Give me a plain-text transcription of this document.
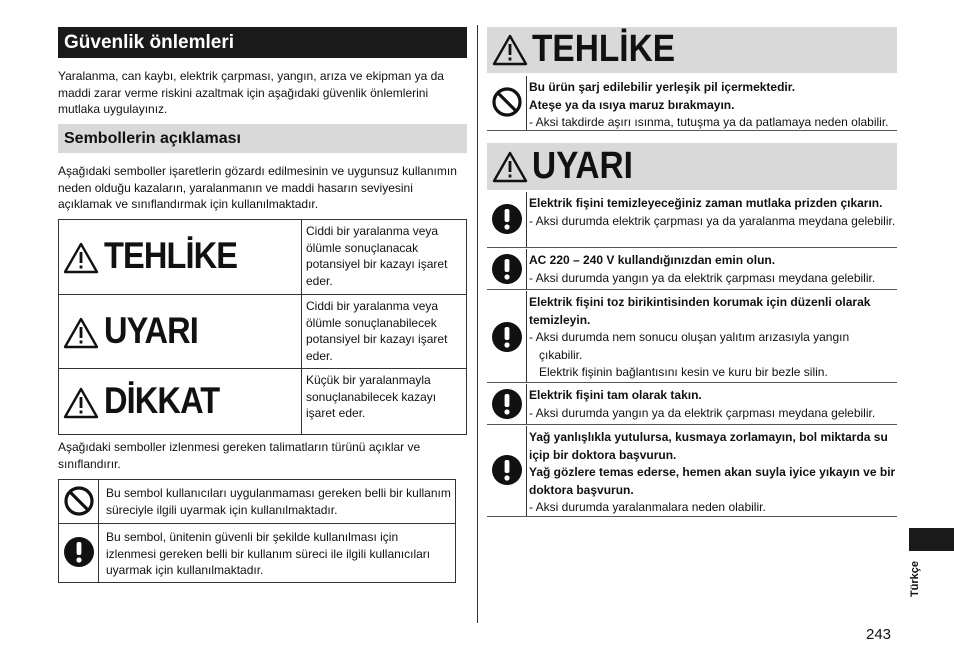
Güvenlik önlemleri
Yaralanma, can kaybı, elektrik çarpması, yangın, arıza ve ekipman ya da maddi zarar verme riskini azaltmak için aşağıdaki güvenlik önlemlerini mutlaka uygulayınız.
Sembollerin açıklaması
Aşağıdaki semboller işaretlerin gözardı edilmesinin ve uygunsuz kullanımın neden olduğu kazaların, yaralanmanın ve maddi hasarın seviyesini açıklamak ve sınıflandırmak için kullanılmaktadır.
TEHLİKE
Ciddi bir yaralanma veya ölümle sonuçlanacak potansiyel bir kazayı işaret eder.
UYARI
Ciddi bir yaralanma veya ölümle sonuçlanabilecek potansiyel bir kazayı işaret eder.
DİKKAT	Küçük bir yaralanmayla sonuçlanabilecek kazayı işaret eder.
Aşağıdaki semboller izlenmesi gereken talimatların türünü açıklar ve sınıflandırır.
Bu sembol kullanıcıları uygulanmaması gereken belli bir kullanım süreciyle ilgili uyarmak için kullanılmaktadır.
Bu sembol, ünitenin güvenli bir şekilde kullanılması için izlenmesi gereken belli bir kullanım süreci ile ilgili kullanıcıları uyarmak için kullanılmaktadır.
TEHLİKE
Bu ürün şarj edilebilir yerleşik pil içermektedir.
Ateşe ya da ısıya maruz bırakmayın.
- Aksi takdirde aşırı ısınma, tutuşma ya da patlamaya neden olabilir.
UYARI
Elektrik fişini temizleyeceğiniz zaman mutlaka prizden çıkarın.
- Aksi durumda elektrik çarpması ya da yaralanma meydana gelebilir.
AC 220 – 240 V kullandığınızdan emin olun.
- Aksi durumda yangın ya da elektrik çarpması meydana gelebilir.
Elektrik fişini toz birikintisinden korumak için düzenli olarak temizleyin.
- Aksi durumda nem sonucu oluşan yalıtım arızasıyla yangın
çıkabilir.
Elektrik fişinin bağlantısını kesin ve kuru bir bezle silin.
Elektrik fişini tam olarak takın.
- Aksi durumda yangın ya da elektrik çarpması meydana gelebilir.
Yağ yanlışlıkla yutulursa, kusmaya zorlamayın, bol miktarda su içip bir doktora başvurun.
Yağ gözlere temas ederse, hemen akan suyla iyice yıkayın ve bir doktora başvurun.
- Aksi durumda yaralanmalara neden olabilir.
Türkçe
243
